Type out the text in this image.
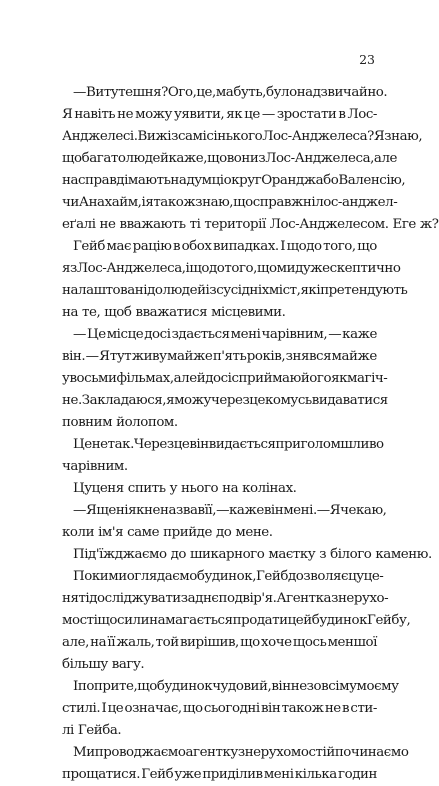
23
— Ви тутешня? Ого, це, мабуть, було надзвичайно.
Я навіть не можу уявити, як це — зростати в Лос-
Анджелесі. Ви ж із самісінького Лос-Анджелеса? Я знаю,
що багато людей каже, що вони з Лос-Анджелеса, але
насправді мають на думці округ Орандж або Валенсію,
чи Анахайм, і я також знаю, що справжні лос-анджел-
еґалі не вважають ті території Лос-Анджелесом. Еге ж?
Гейб має рацію в обох випадках. І щодо того, що
я з Лос-Анджелеса, і щодо того, що ми дуже скептично
налаштовані до людей із сусідніх міст, які претендують
на те, щоб вважатися місцевими.
— Це місце досі здається мені чарівним, — каже
він. — Я тут живу майже п'ять років, знявся майже
у восьми фільмах, але й досі сприймаю його як магіч-
не. Закладаюся, я можу через це комусь видаватися
повним йолопом.
Це не так. Через це він видається приголомшливо
чарівним.
Цуценя спить у нього на колінах.
— Я ще ніяк не назвав її, — каже він мені. — Я чекаю,
коли ім'я саме прийде до мене.
Під'їжджаємо до шикарного маєтку з білого каменю.
Поки ми оглядаємо будинок, Гейб дозволяє цуце-
няті досліджувати заднє подвір'я. Агентка з нерухо-
мості щосили намагається продати цей будинок Гейбу,
але, на її жаль, той вирішив, що хоче щось меншої
більшу вагу.
І попри те, що будинок чудовий, він не зовсім у моєму
стилі. І це означає, що сьогодні він також не в сти-
лі Гейба.
Ми проводжаємо агентку з нерухомості й починаємо
прощатися. Гейб уже приділив мені кілька годин
